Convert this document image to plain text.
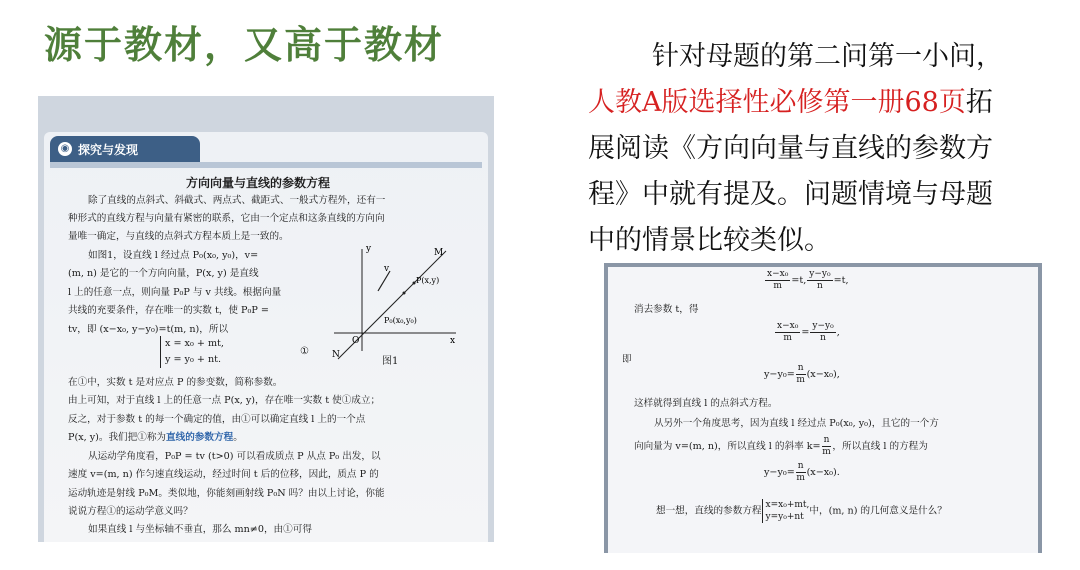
源于教材，又高于教材	针对母题的第二问第一小问，
人教A版选择性必修第一册68页拓
展阅读《方向向量与直线的参数方
程》中就有提及。问题情境与母题
中的情景比较类似。
◉ 探究与发现
方向向量与直线的参数方程
除了直线的点斜式、斜截式、两点式、截距式、一般式方程外，还有一
种形式的直线方程与向量有紧密的联系，它由一个定点和这条直线的方向向
量唯一确定，与直线的点斜式方程本质上是一致的。
如图1，设直线 l 经过点 P₀(x₀, y₀)，v=
(m, n) 是它的一个方向向量，P(x, y) 是直线
l 上的任意一点，则向量 P₀P 与 v 共线。根据向量
共线的充要条件，存在唯一的实数 t，使 P₀P =
tv，即 (x−x₀, y−y₀)=t(m, n)，所以
x = x₀ + mt,
y = y₀ + nt.
①
在①中，实数 t 是对应点 P 的参变数，简称参数。
由上可知，对于直线 l 上的任意一点 P(x, y)，存在唯一实数 t 使①成立；
反之，对于参数 t 的每一个确定的值，由①可以确定直线 l 上的一个点
P(x, y)。我们把①称为直线的参数方程。
从运动学角度看，P₀P = tv (t>0) 可以看成质点 P 从点 P₀ 出发，以
速度 v=(m, n) 作匀速直线运动，经过时间 t 后的位移，因此，质点 P 的
运动轨迹是射线 P₀M。类似地，你能刻画射线 P₀N 吗？由以上讨论，你能
说说方程①的运动学意义吗？
如果直线 l 与坐标轴不垂直，那么 mn≠0，由①可得
y
x
O
v
M
N
P(x,y)
P₀(x₀,y₀)
图1
$\frac{\text{x−x₀}}{m} =t$, $\frac{\text{y−y₀}}{n} =t$,
消去参数 t，得
$\frac{\text{x−x₀}}{m} = \frac{\text{y−y₀}}{n}$ ,
即
$y-y_0= \frac{n}{m} (x-x_0)$,
这样就得到直线 l 的点斜式方程。
从另外一个角度思考，因为直线 l 经过点 P₀(x₀, y₀)，且它的一个方
向向量为 v=(m, n)，所以直线 l 的斜率 $k= \frac{n}{m}$ ，所以直线 l 的方程为
$y-y_0= \frac{n}{m} (x-x_0)$.
想一想，直线的参数方程x=x₀+mt,
y=y₀+nt中，(m, n) 的几何意义是什么？
